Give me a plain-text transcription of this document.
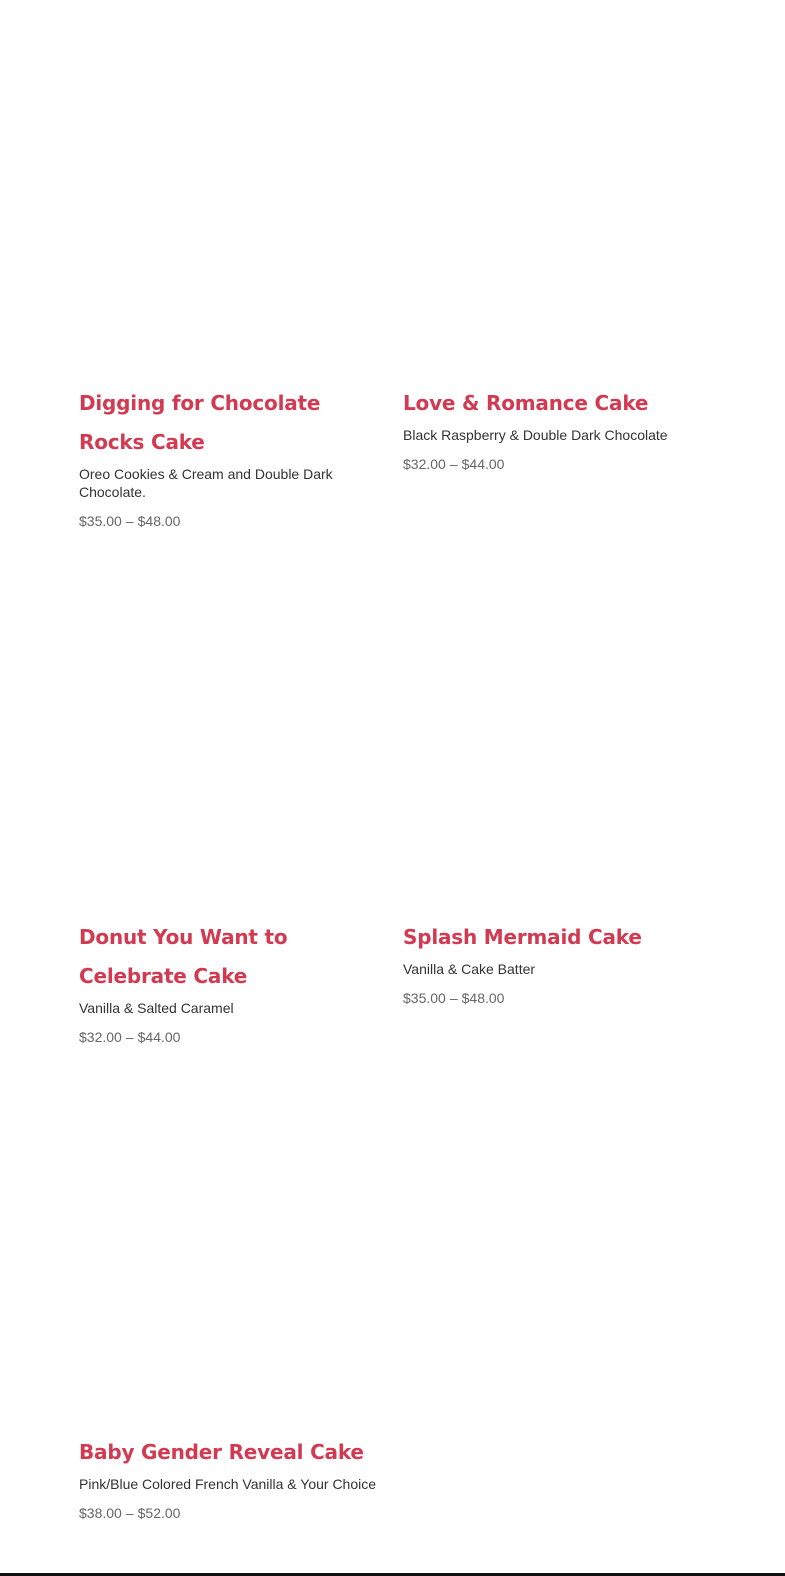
Digging for Chocolate Rocks Cake

Oreo Cookies & Cream and Double Dark Chocolate.

$35.00 – $48.00

Love & Romance Cake

Black Raspberry & Double Dark Chocolate

$32.00 – $44.00

Donut You Want to Celebrate Cake

Vanilla & Salted Caramel

$32.00 – $44.00

Splash Mermaid Cake

Vanilla & Cake Batter

$35.00 – $48.00

Baby Gender Reveal Cake

Pink/Blue Colored French Vanilla & Your Choice

$38.00 – $52.00
